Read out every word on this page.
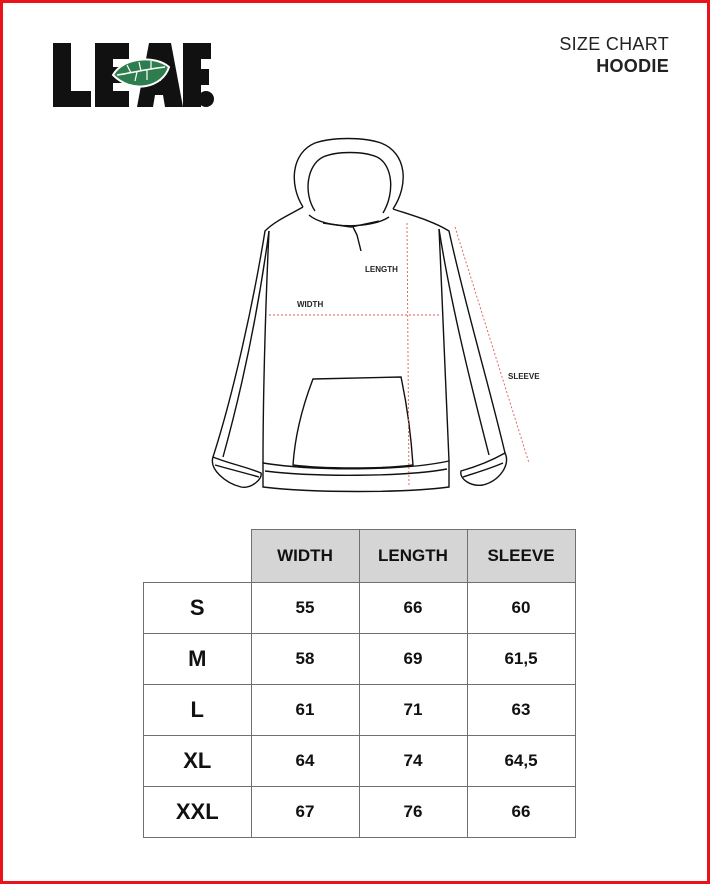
SIZE CHART
HOODIE
LENGTH
WIDTH
SLEEVE
	WIDTH	LENGTH	SLEEVE
S	55	66	60
M	58	69	61,5
L	61	71	63
XL	64	74	64,5
XXL	67	76	66
